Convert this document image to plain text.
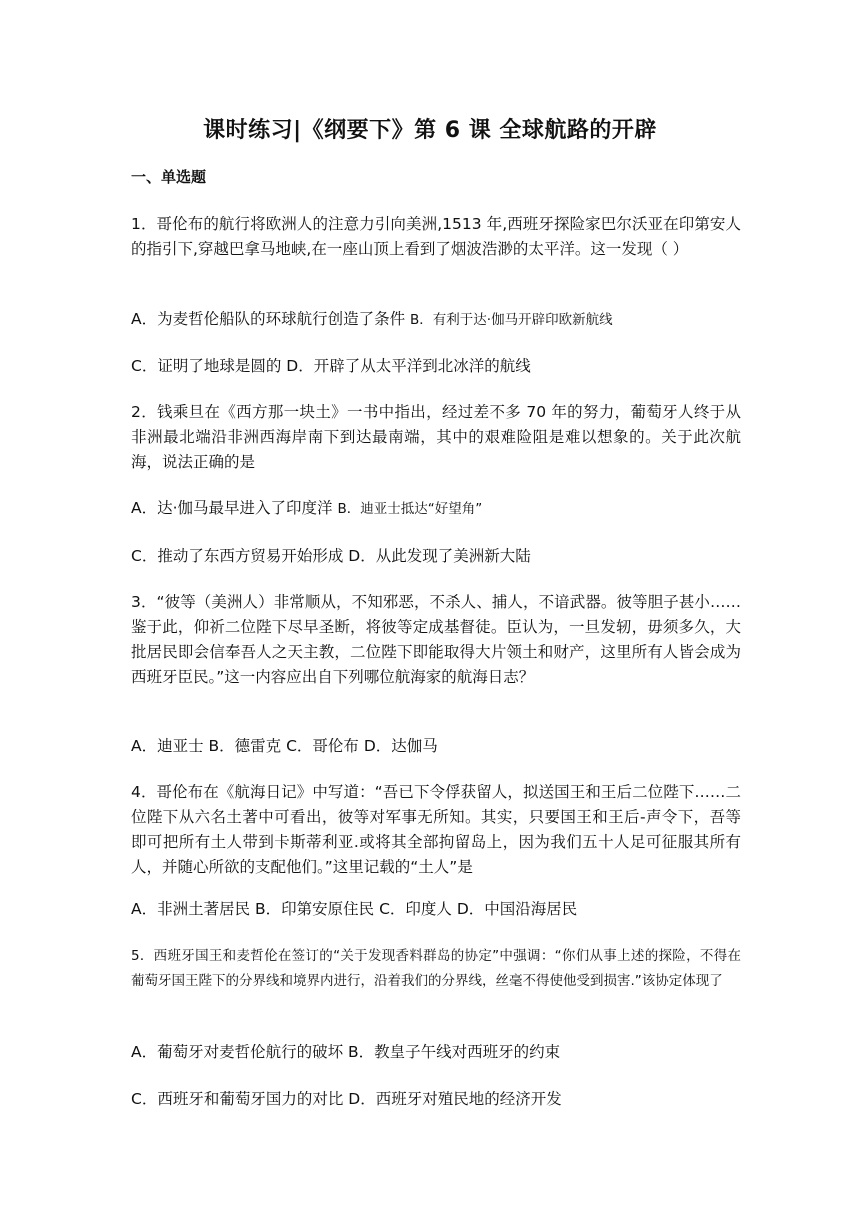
课时练习|《纲要下》第 6 课 全球航路的开辟
一、单选题
1．哥伦布的航行将欧洲人的注意力引向美洲,1513 年,西班牙探险家巴尔沃亚在印第安人的指引下,穿越巴拿马地峡,在一座山顶上看到了烟波浩渺的太平洋。这一发现（ ）
A．为麦哲伦船队的环球航行创造了条件 B．有利于达·伽马开辟印欧新航线
C．证明了地球是圆的 D．开辟了从太平洋到北冰洋的航线
2．钱乘旦在《西方那一块土》一书中指出，经过差不多 70 年的努力，葡萄牙人终于从非洲最北端沿非洲西海岸南下到达最南端，其中的艰难险阻是难以想象的。关于此次航海，说法正确的是
A．达·伽马最早进入了印度洋 B．迪亚士抵达“好望角”
C．推动了东西方贸易开始形成 D．从此发现了美洲新大陆
3．“彼等（美洲人）非常顺从，不知邪恶，不杀人、捕人，不谙武器。彼等胆子甚小……鉴于此，仰祈二位陛下尽早圣断，将彼等定成基督徒。臣认为，一旦发轫，毋须多久，大批居民即会信奉吾人之天主教，二位陛下即能取得大片领土和财产，这里所有人皆会成为西班牙臣民。”这一内容应出自下列哪位航海家的航海日志？
A．迪亚士 B．德雷克 C．哥伦布 D．达伽马
4．哥伦布在《航海日记》中写道：“吾已下令俘获留人，拟送国王和王后二位陛下……二位陛下从六名土著中可看出，彼等对军事无所知。其实，只要国王和王后-声令下，吾等即可把所有土人带到卡斯蒂利亚.或将其全部拘留岛上，因为我们五十人足可征服其所有人，并随心所欲的支配他们。”这里记载的“土人”是
A．非洲土著居民 B．印第安原住民 C．印度人 D．中国沿海居民
5．西班牙国王和麦哲伦在签订的“关于发现香料群岛的协定”中强调：“你们从事上述的探险，不得在葡萄牙国王陛下的分界线和境界内进行，沿着我们的分界线，丝毫不得使他受到损害.”该协定体现了
A．葡萄牙对麦哲伦航行的破坏 B．教皇子午线对西班牙的约束
C．西班牙和葡萄牙国力的对比 D．西班牙对殖民地的经济开发
